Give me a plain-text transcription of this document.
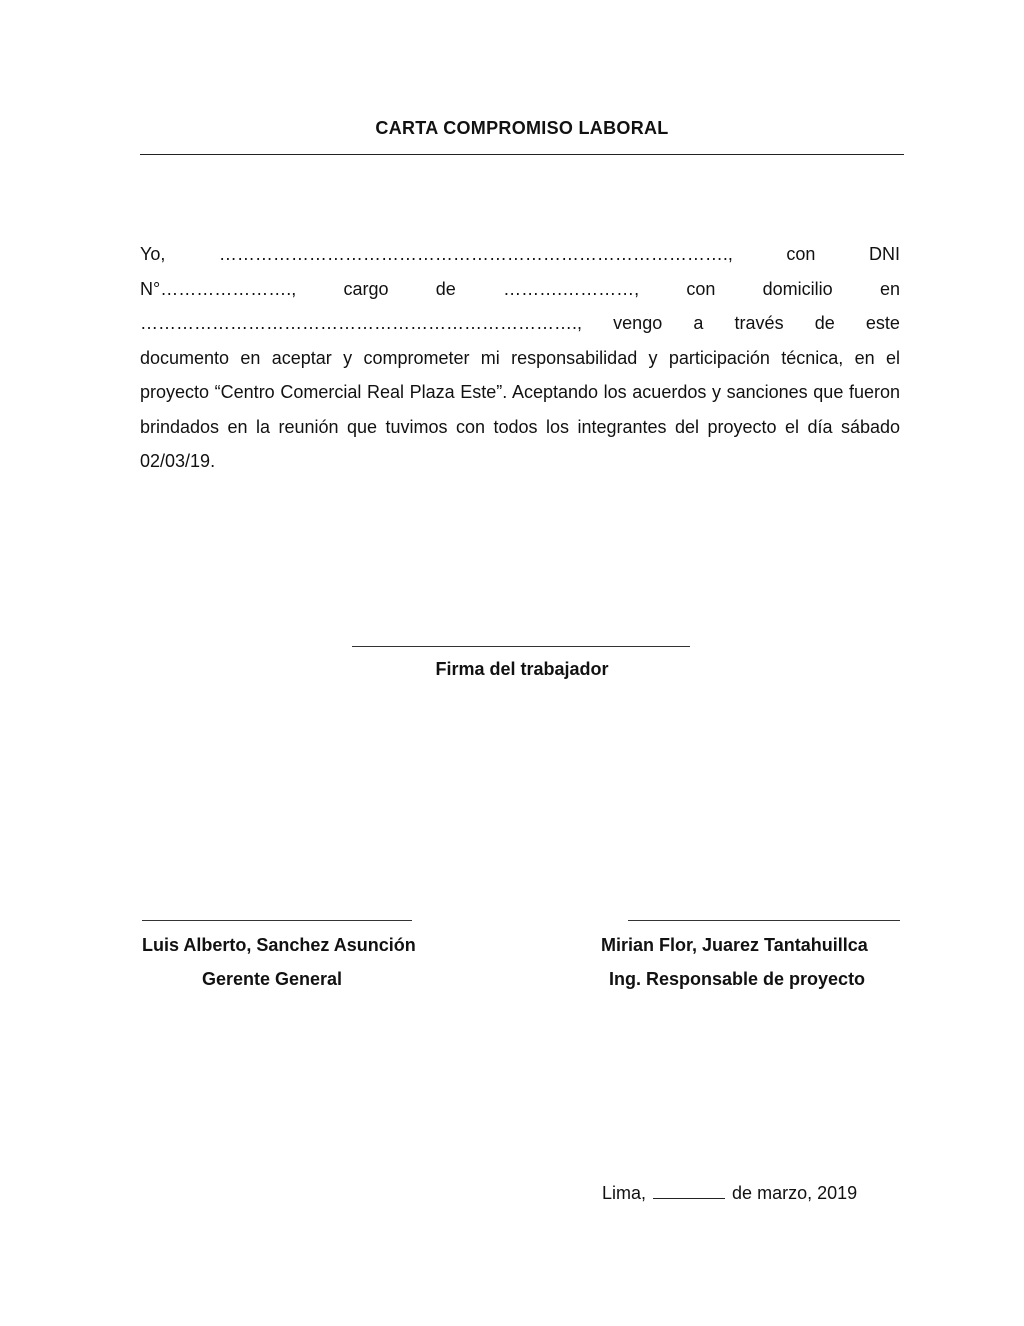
CARTA COMPROMISO LABORAL
Yo,	………………………………………………………………………….,	con	DNI
N°………………….,	cargo	de	……….…………,	con	domicilio	en
………………………………………………………………., vengo a través de este
documento en aceptar y comprometer mi responsabilidad y participación técnica, en el proyecto “Centro Comercial Real Plaza Este”. Aceptando los acuerdos y sanciones que fueron brindados en la reunión que tuvimos con todos los integrantes del proyecto el día sábado 02/03/19.
Firma del trabajador
Luis Alberto, Sanchez Asunción
Gerente General
Mirian Flor, Juarez Tantahuillca
Ing. Responsable de proyecto
Lima,	de marzo, 2019
